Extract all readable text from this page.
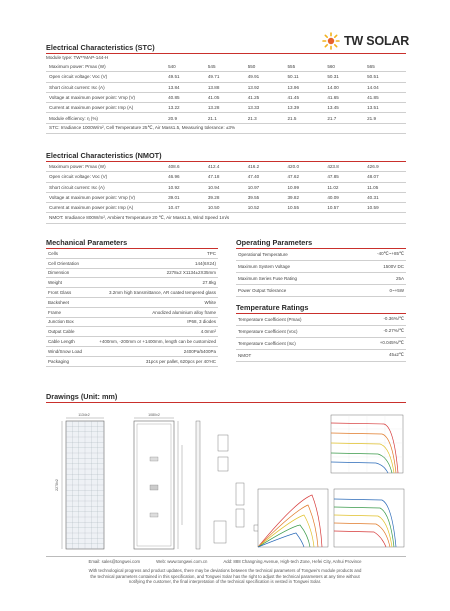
TW SOLAR
Electrical Characteristics (STC)
Module type: TW**MAP-144-H
Maximum power: Pmax (W)	540	545	550	555	560	565
Open circuit voltage: Voc (V)	49.51	49.71	49.91	50.11	50.31	50.51
Short circuit current: Isc (A)	13.84	13.88	13.92	13.96	14.00	14.04
Voltage at maximum power point: Vmp (V)	40.85	41.05	41.25	41.45	41.65	41.85
Current at maximum power point: Imp (A)	13.22	13.28	13.33	13.39	13.45	13.51
Module efficiency: η (%)	20.9	21.1	21.3	21.5	21.7	21.9
STC: Irradiance 1000W/m², Cell Temperature 25℃, Air Mass1.5, Measuring tolerance: ±3%						
Electrical Characteristics (NMOT)
Maximum power: Pmax (W)	408.6	412.4	416.2	420.0	423.8	426.9
Open circuit voltage: Voc (V)	46.96	47.18	47.40	47.62	47.85	48.07
Short circuit current: Isc (A)	10.92	10.94	10.97	10.99	11.02	11.05
Voltage at maximum power point: Vmp (V)	39.01	39.28	39.55	39.82	40.09	40.31
Current at maximum power point: Imp (A)	10.47	10.50	10.52	10.55	10.57	10.59
NMOT: Irradiance 800W/m², Ambient Temperature 20 ℃, Air Mass1.5, Wind Speed 1m/s						
Mechanical Parameters
Cells	TPC
Cell Orientation	144(6X24)
Dimension	2278±2 X1134±2X35mm
Weight	27.8kg
Front Glass	3.2mm high transmittance, AR coated tempered glass
Backsheet	White
Frame	Anodized aluminium alloy frame
Junction Box	IP68, 3 diodes
Output Cable	4.0mm²
Cable Length	+400mm, -200mm or +1400mm, length can be customized
Wind/Snow Load	2400Pa/5400Pa
Packaging	31pcs per pallet, 620pcs per 40'HC
Operating Parameters
Operational Temperature	-40℃~+85℃
Maximum System Voltage	1500V DC
Maximum Series Fuse Rating	25A
Power Output Tolerance	0~+5W
Temperature Ratings
Temperature Coefficient (Pmax)	-0.36%/℃
Temperature Coefficient (Voc)	-0.27%/℃
Temperature Coefficient (Isc)	+0.045%/℃
NMOT	45±2℃
Drawings (Unit: mm)
1134±2
2278±2
1080±2
Email: sales@tongwei.com	Web: www.tongwei.com.cn	Add: 888 Changning Avenue, High-tech Zone, Hefei City, Anhui Province
With technological progress and product updates, there may be deviations between the technical parameters of Tongwei's module products and
the technical parameters contained in this specification, and Tongwei Solar has the right to adjust the technical parameters at any time without
notifying the customer, the final interpretation of the technical specification is vested in Tongwei Solar.
